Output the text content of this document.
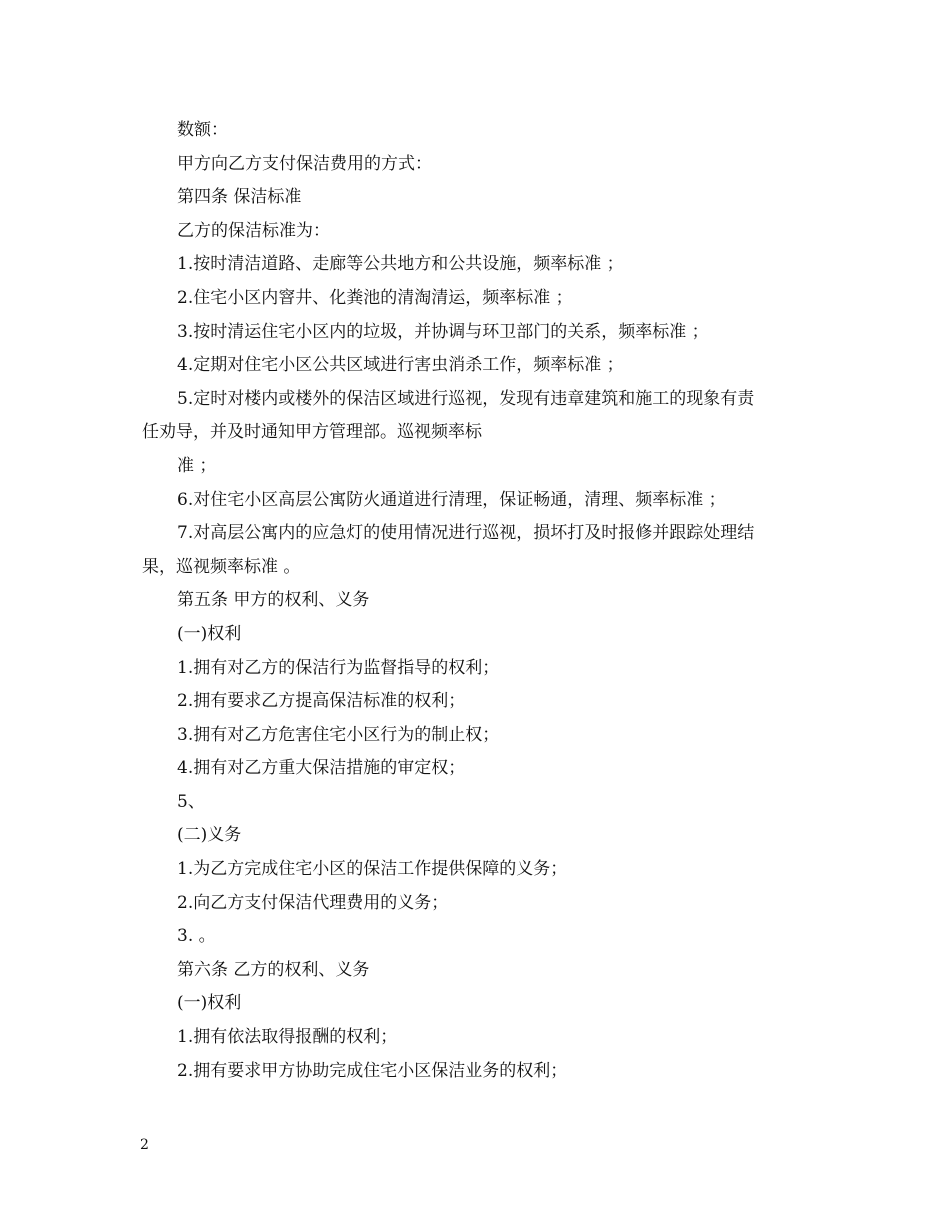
数额：
甲方向乙方支付保洁费用的方式：
第四条 保洁标准
乙方的保洁标准为：
1.按时清洁道路、走廊等公共地方和公共设施，频率标准 ；
2.住宅小区内窨井、化粪池的清淘清运，频率标准 ；
3.按时清运住宅小区内的垃圾，并协调与环卫部门的关系，频率标准 ；
4.定期对住宅小区公共区域进行害虫消杀工作，频率标准 ；
5.定时对楼内或楼外的保洁区域进行巡视，发现有违章建筑和施工的现象有责
任劝导，并及时通知甲方管理部。巡视频率标
准 ；
6.对住宅小区高层公寓防火通道进行清理，保证畅通，清理、频率标准 ；
7.对高层公寓内的应急灯的使用情况进行巡视，损坏打及时报修并跟踪处理结
果，巡视频率标准 。
第五条 甲方的权利、义务
(一)权利
1.拥有对乙方的保洁行为监督指导的权利；
2.拥有要求乙方提高保洁标准的权利；
3.拥有对乙方危害住宅小区行为的制止权；
4.拥有对乙方重大保洁措施的审定权；
5、
(二)义务
1.为乙方完成住宅小区的保洁工作提供保障的义务；
2.向乙方支付保洁代理费用的义务；
3. 。
第六条 乙方的权利、义务
(一)权利
1.拥有依法取得报酬的权利；
2.拥有要求甲方协助完成住宅小区保洁业务的权利；
2
